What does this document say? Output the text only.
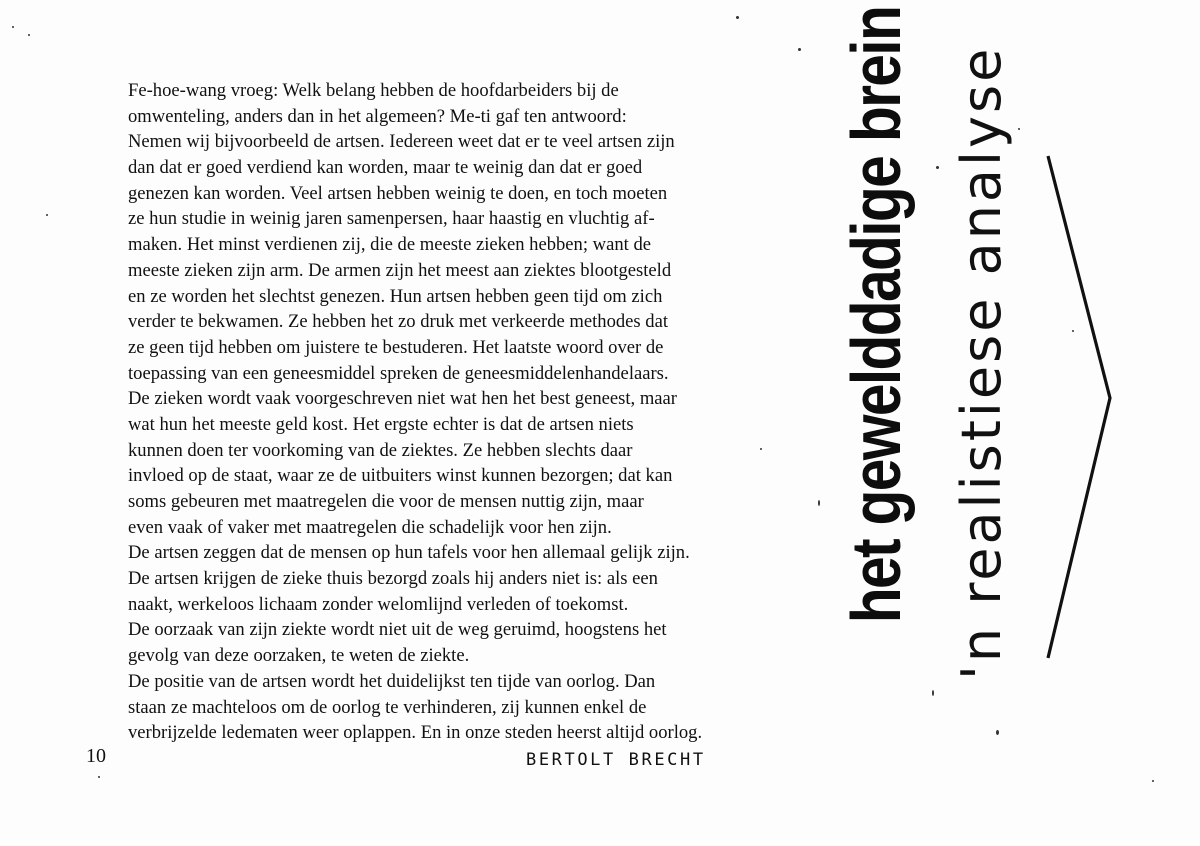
Fe-hoe-wang vroeg: Welk belang hebben de hoofdarbeiders bij de
omwenteling, anders dan in het algemeen? Me-ti gaf ten antwoord:
Nemen wij bijvoorbeeld de artsen. Iedereen weet dat er te veel artsen zijn
dan dat er goed verdiend kan worden, maar te weinig dan dat er goed
genezen kan worden. Veel artsen hebben weinig te doen, en toch moeten
ze hun studie in weinig jaren samenpersen, haar haastig en vluchtig af-
maken. Het minst verdienen zij, die de meeste zieken hebben; want de
meeste zieken zijn arm. De armen zijn het meest aan ziektes blootgesteld
en ze worden het slechtst genezen. Hun artsen hebben geen tijd om zich
verder te bekwamen. Ze hebben het zo druk met verkeerde methodes dat
ze geen tijd hebben om juistere te bestuderen. Het laatste woord over de
toepassing van een geneesmiddel spreken de geneesmiddelenhandelaars.
De zieken wordt vaak voorgeschreven niet wat hen het best geneest, maar
wat hun het meeste geld kost. Het ergste echter is dat de artsen niets
kunnen doen ter voorkoming van de ziektes. Ze hebben slechts daar
invloed op de staat, waar ze de uitbuiters winst kunnen bezorgen; dat kan
soms gebeuren met maatregelen die voor de mensen nuttig zijn, maar
even vaak of vaker met maatregelen die schadelijk voor hen zijn.
De artsen zeggen dat de mensen op hun tafels voor hen allemaal gelijk zijn.
De artsen krijgen de zieke thuis bezorgd zoals hij anders niet is: als een
naakt, werkeloos lichaam zonder welomlijnd verleden of toekomst.
De oorzaak van zijn ziekte wordt niet uit de weg geruimd, hoogstens het
gevolg van deze oorzaken, te weten de ziekte.
De positie van de artsen wordt het duidelijkst ten tijde van oorlog. Dan
staan ze machteloos om de oorlog te verhinderen, zij kunnen enkel de
verbrijzelde ledematen weer oplappen. En in onze steden heerst altijd oorlog.
10	BERTOLT BRECHT
het gewelddadige brein 'n realistiese analyse
